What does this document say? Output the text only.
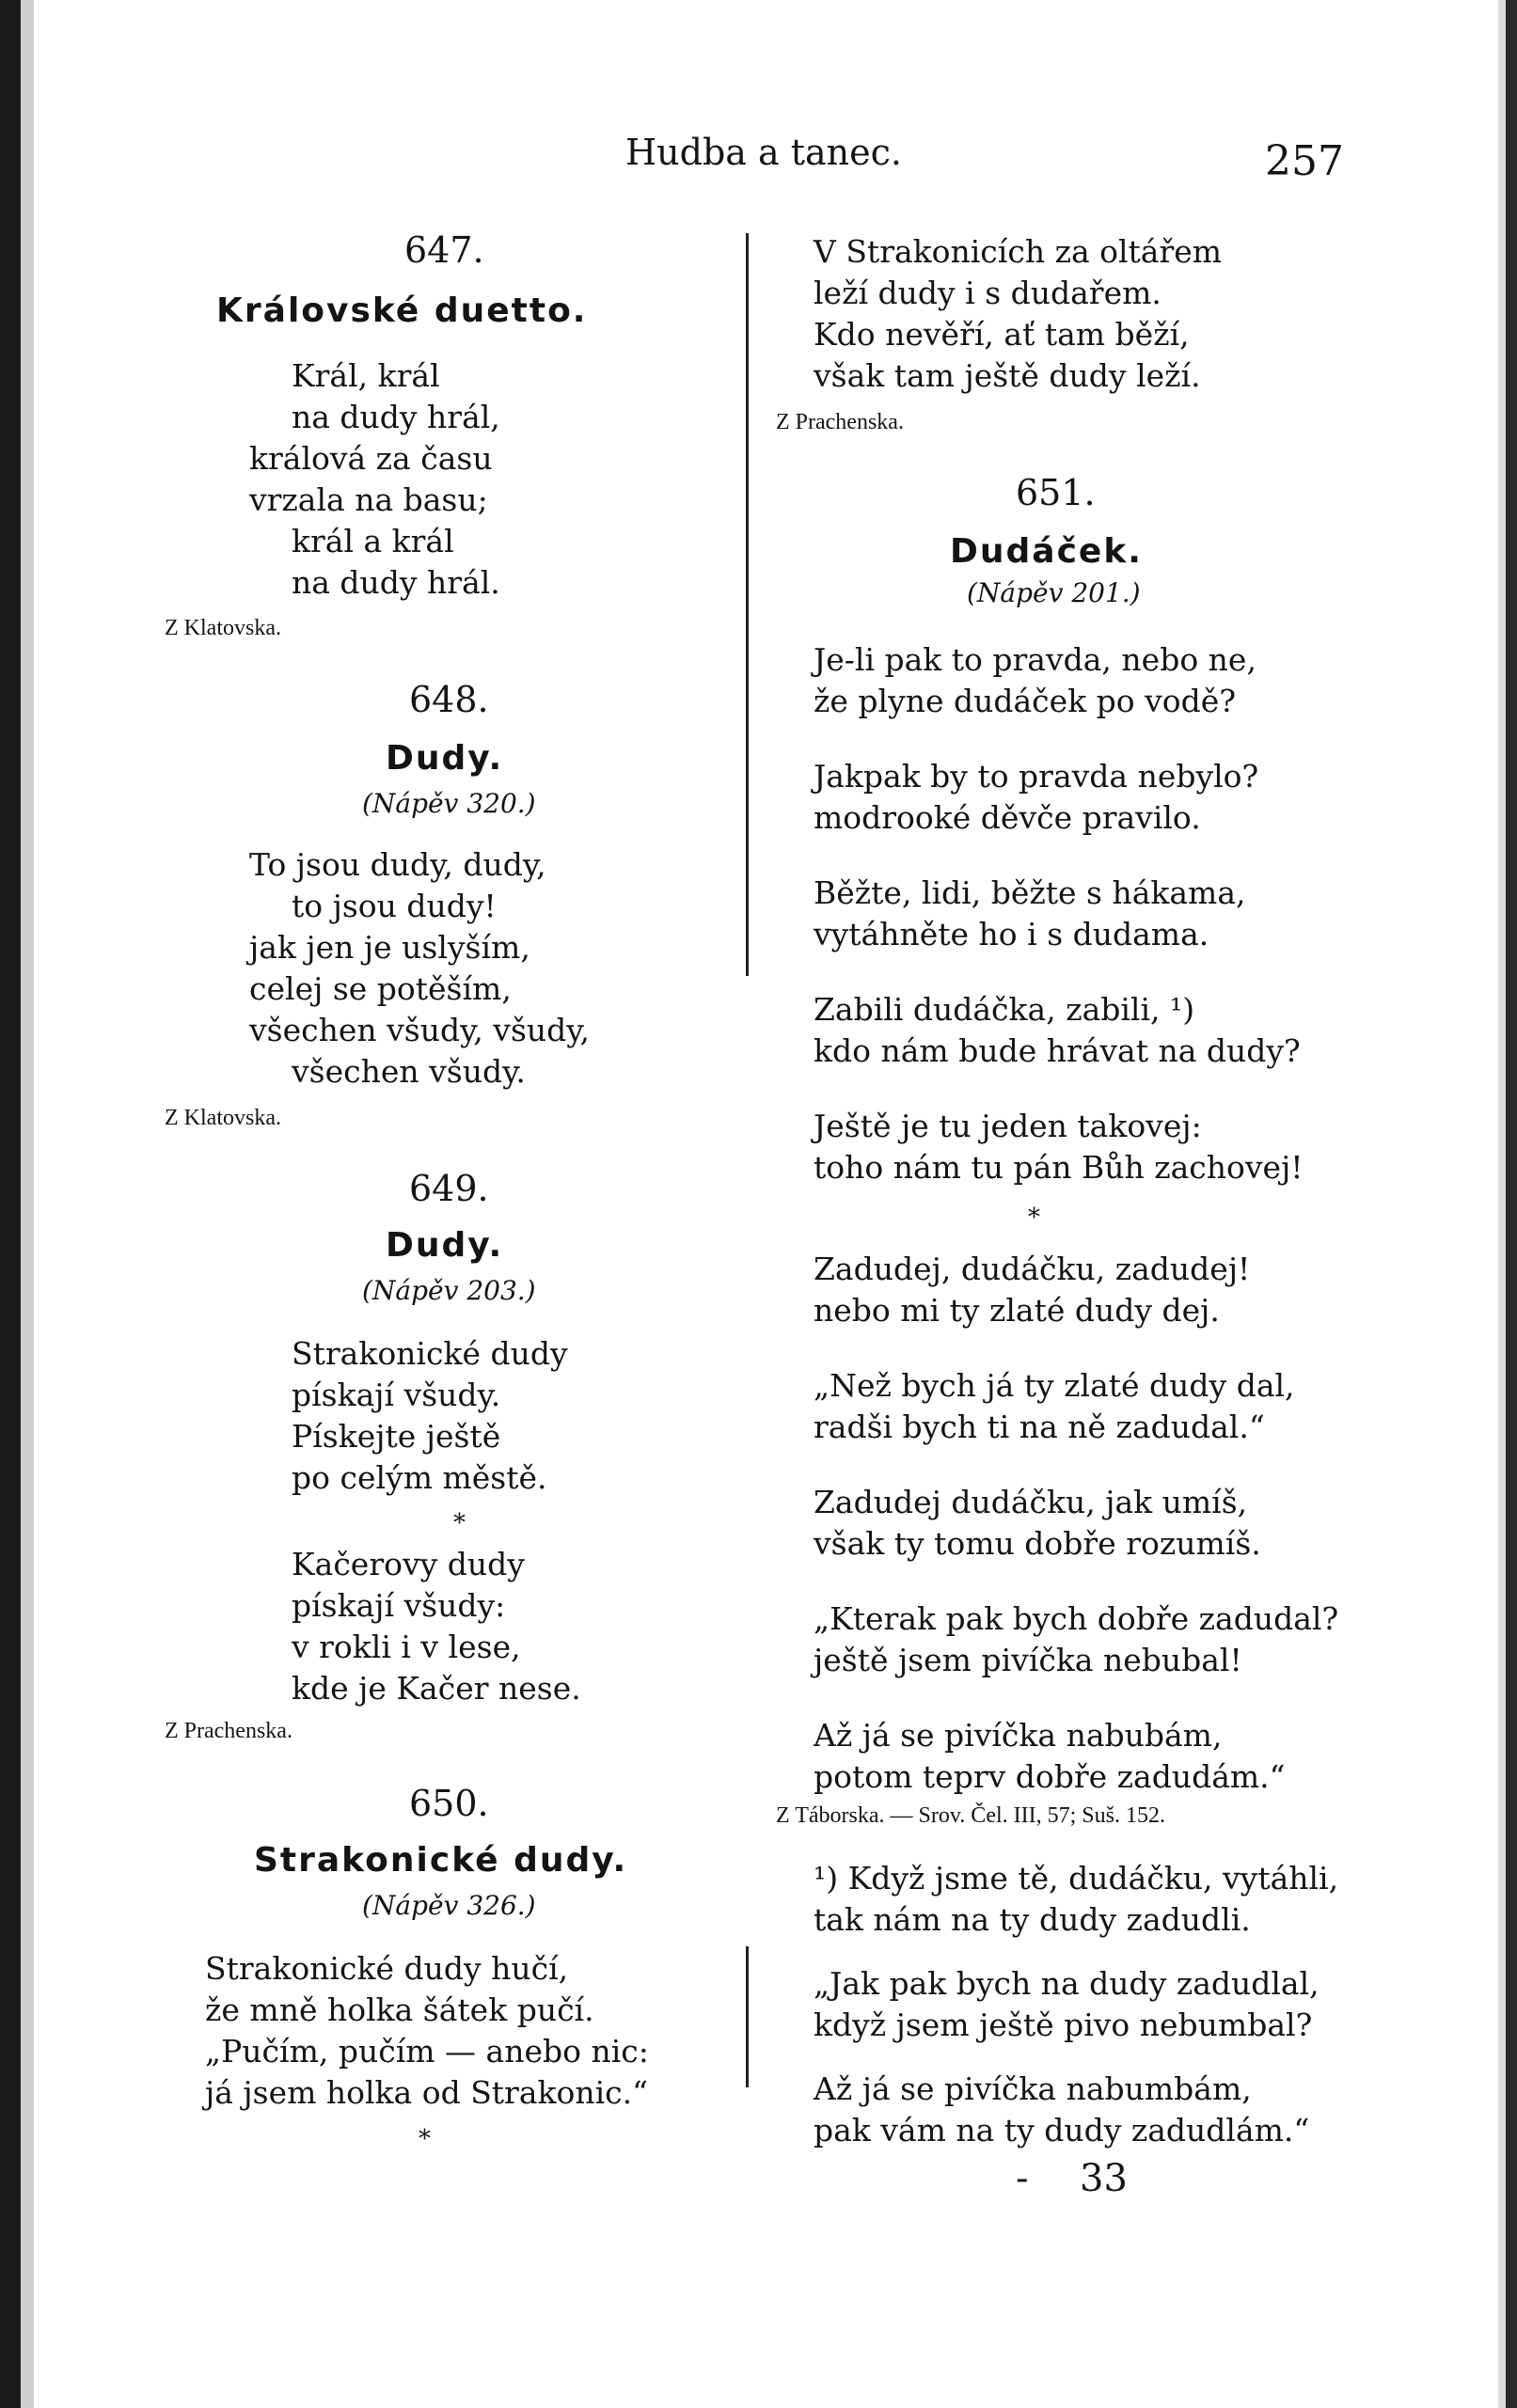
Hudba a tanec.	257
647.
Královské duetto.
Král, král
na dudy hrál,
králová za času
vrzala na basu;
král a král
na dudy hrál.
Z Klatovska.
648.
Dudy.
(Nápěv 320.)
To jsou dudy, dudy,
to jsou dudy!
jak jen je uslyším,
celej se potěším,
všechen všudy, všudy,
všechen všudy.
Z Klatovska.
649.
Dudy.
(Nápěv 203.)
Strakonické dudy
pískají všudy.
Pískejte ještě
po celým městě.
*
Kačerovy dudy
pískají všudy:
v rokli i v lese,
kde je Kačer nese.
Z Prachenska.
650.
Strakonické dudy.
(Nápěv 326.)
Strakonické dudy hučí,
že mně holka šátek pučí.
„Pučím, pučím — anebo nic:
já jsem holka od Strakonic.“
*
V Strakonicích za oltářem
leží dudy i s dudařem.
Kdo nevěří, ať tam běží,
však tam ještě dudy leží.
Z Prachenska.
651.
Dudáček.
(Nápěv 201.)
Je-li pak to pravda, nebo ne,
že plyne dudáček po vodě?
Jakpak by to pravda nebylo?
modrooké děvče pravilo.
Běžte, lidi, běžte s hákama,
vytáhněte ho i s dudama.
Zabili dudáčka, zabili, ¹)
kdo nám bude hrávat na dudy?
Ještě je tu jeden takovej:
toho nám tu pán Bůh zachovej!
*
Zadudej, dudáčku, zadudej!
nebo mi ty zlaté dudy dej.
„Než bych já ty zlaté dudy dal,
radši bych ti na ně zadudal.“
Zadudej dudáčku, jak umíš,
však ty tomu dobře rozumíš.
„Kterak pak bych dobře zadudal?
ještě jsem pivíčka nebubal!
Až já se pivíčka nabubám,
potom teprv dobře zadudám.“
Z Táborska. — Srov. Čel. III, 57; Suš. 152.
¹) Když jsme tě, dudáčku, vytáhli,
tak nám na ty dudy zadudli.
„Jak pak bych na dudy zadudlal,
když jsem ještě pivo nebumbal?
Až já se pivíčka nabumbám,
pak vám na ty dudy zadudlám.“
- 33
